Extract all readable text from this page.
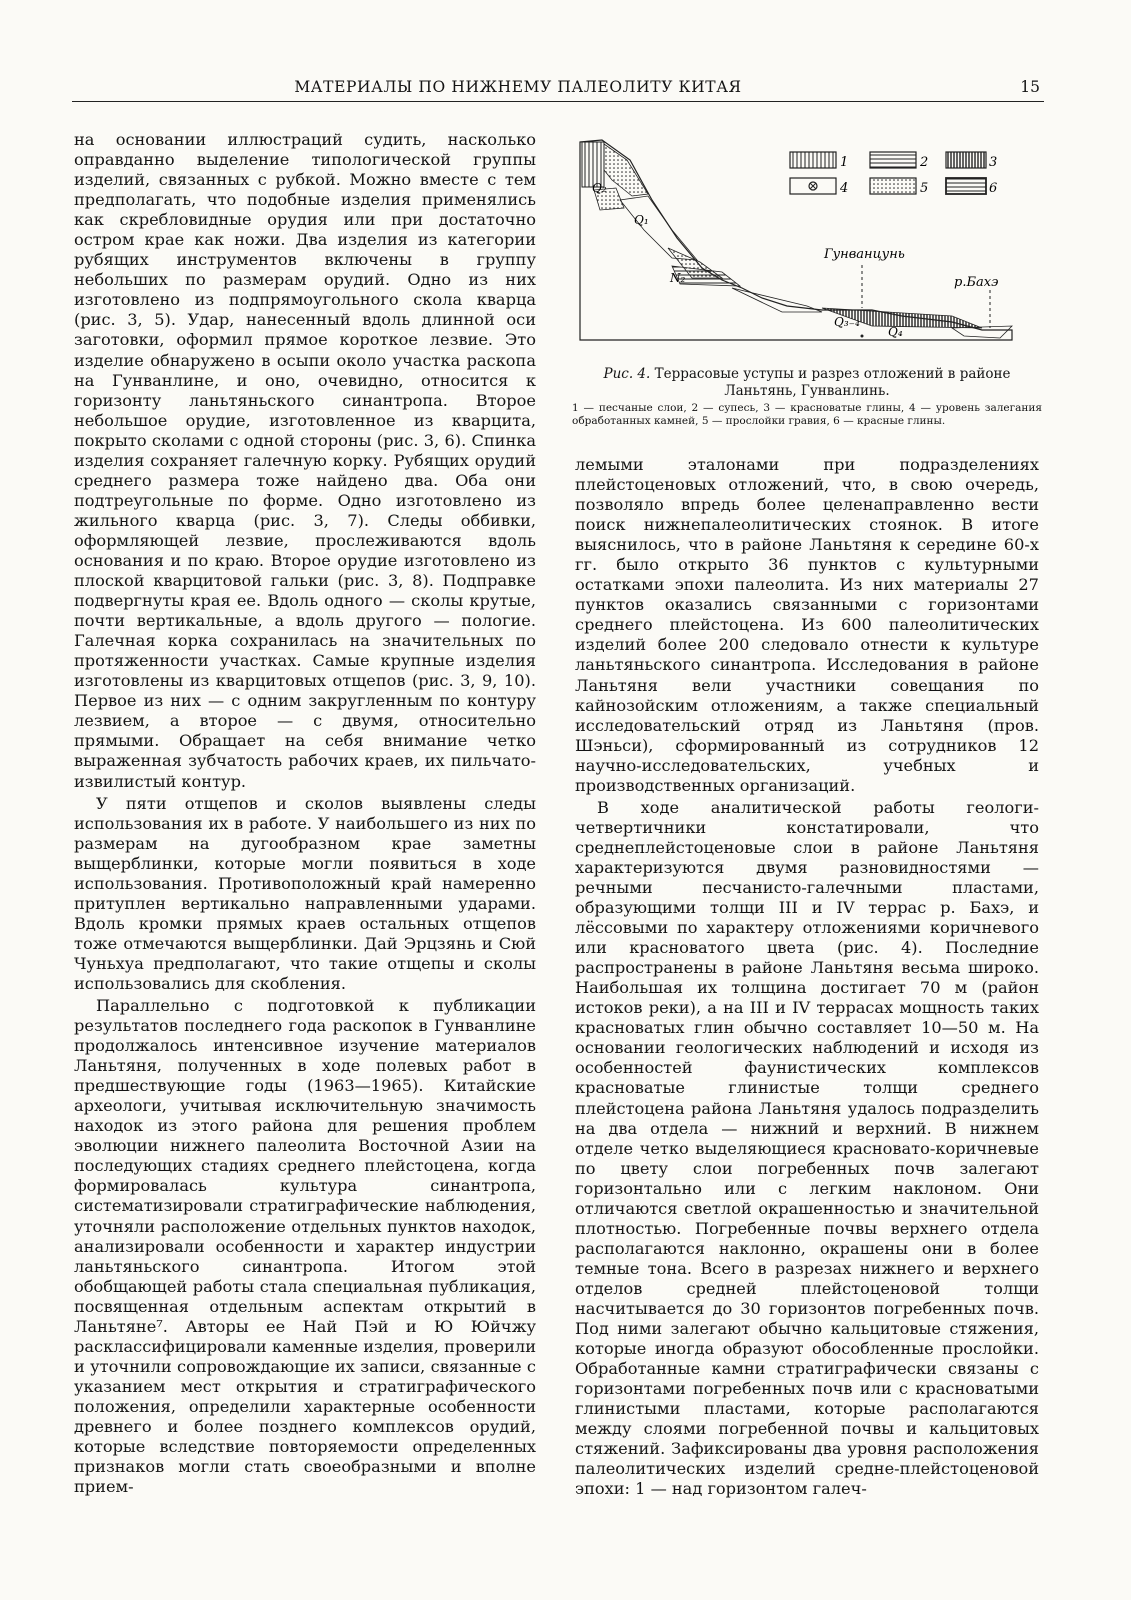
МАТЕРИАЛЫ ПО НИЖНЕМУ ПАЛЕОЛИТУ КИТАЯ	15

на основании иллюстраций судить, насколько оправданно выделение типологической группы изделий, связанных с рубкой. Можно вместе с тем предполагать, что подобные изделия применялись как скребловидные орудия или при достаточно остром крае как ножи. Два изделия из категории рубящих инструментов включены в группу небольших по размерам орудий. Одно из них изготовлено из подпрямоугольного скола кварца (рис. 3, 5). Удар, нанесенный вдоль длинной оси заготовки, оформил прямое короткое лезвие. Это изделие обнаружено в осыпи около участка раскопа на Гунванлине, и оно, очевидно, относится к горизонту ланьтяньского синантропа. Второе небольшое орудие, изготовленное из кварцита, покрыто сколами с одной стороны (рис. 3, 6). Спинка изделия сохраняет галечную корку. Рубящих орудий среднего размера тоже найдено два. Оба они подтреугольные по форме. Одно изготовлено из жильного кварца (рис. 3, 7). Следы оббивки, оформляющей лезвие, прослеживаются вдоль основания и по краю. Второе орудие изготовлено из плоской кварцитовой гальки (рис. 3, 8). Подправке подвергнуты края ее. Вдоль одного — сколы крутые, почти вертикальные, а вдоль другого — пологие. Галечная корка сохранилась на значительных по протяженности участках. Самые крупные изделия изготовлены из кварцитовых отщепов (рис. 3, 9, 10). Первое из них — с одним закругленным по контуру лезвием, а второе — с двумя, относительно прямыми. Обращает на себя внимание четко выраженная зубчатость рабочих краев, их пильчато-извилистый контур.

У пяти отщепов и сколов выявлены следы использования их в работе. У наибольшего из них по размерам на дугообразном крае заметны выщерблинки, которые могли появиться в ходе использования. Противоположный край намеренно притуплен вертикально направленными ударами. Вдоль кромки прямых краев остальных отщепов тоже отмечаются выщерблинки. Дай Эрцзянь и Сюй Чуньхуа предполагают, что такие отщепы и сколы использовались для скобления.

Параллельно с подготовкой к публикации результатов последнего года раскопок в Гунванлине продолжалось интенсивное изучение материалов Ланьтяня, полученных в ходе полевых работ в предшествующие годы (1963—1965). Китайские археологи, учитывая исключительную значимость находок из этого района для решения проблем эволюции нижнего палеолита Восточной Азии на последующих стадиях среднего плейстоцена, когда формировалась культура синантропа, систематизировали стратиграфические наблюдения, уточняли расположение отдельных пунктов находок, анализировали особенности и характер индустрии ланьтяньского синантропа. Итогом этой обобщающей работы стала специальная публикация, посвященная отдельным аспектам открытий в Ланьтяне⁷. Авторы ее Най Пэй и Ю Юйчжу расклассифицировали каменные изделия, проверили и уточнили сопровождающие их записи, связанные с указанием мест открытия и стратиграфического положения, определили характерные особенности древнего и более позднего комплексов орудий, которые вследствие повторяемости определенных признаков могли стать своеобразными и вполне прием-

Q₂
Q₁
N₂
Q₃₋₄
Q₄
Гунванцунь
р.Бахэ
1	2	3
4	5	6
Рис. 4. Террасовые уступы и разрез отложений в районе Ланьтянь, Гунванлинь.
1 — песчаные слои, 2 — супесь, 3 — красноватые глины, 4 — уровень залегания обработанных камней, 5 — прослойки гравия, 6 — красные глины.

лемыми эталонами при подразделениях плейстоценовых отложений, что, в свою очередь, позволяло впредь более целенаправленно вести поиск нижнепалеолитических стоянок. В итоге выяснилось, что в районе Ланьтяня к середине 60-х гг. было открыто 36 пунктов с культурными остатками эпохи палеолита. Из них материалы 27 пунктов оказались связанными с горизонтами среднего плейстоцена. Из 600 палеолитических изделий более 200 следовало отнести к культуре ланьтяньского синантропа. Исследования в районе Ланьтяня вели участники совещания по кайнозойским отложениям, а также специальный исследовательский отряд из Ланьтяня (пров. Шэньси), сформированный из сотрудников 12 научно-исследовательских, учебных и производственных организаций.

В ходе аналитической работы геологи-четвертичники констатировали, что среднеплейстоценовые слои в районе Ланьтяня характеризуются двумя разновидностями — речными песчанисто-галечными пластами, образующими толщи III и IV террас р. Бахэ, и лёссовыми по характеру отложениями коричневого или красноватого цвета (рис. 4). Последние распространены в районе Ланьтяня весьма широко. Наибольшая их толщина достигает 70 м (район истоков реки), а на III и IV террасах мощность таких красноватых глин обычно составляет 10—50 м. На основании геологических наблюдений и исходя из особенностей фаунистических комплексов красноватые глинистые толщи среднего плейстоцена района Ланьтяня удалось подразделить на два отдела — нижний и верхний. В нижнем отделе четко выделяющиеся красновато-коричневые по цвету слои погребенных почв залегают горизонтально или с легким наклоном. Они отличаются светлой окрашенностью и значительной плотностью. Погребенные почвы верхнего отдела располагаются наклонно, окрашены они в более темные тона. Всего в разрезах нижнего и верхнего отделов средней плейстоценовой толщи насчитывается до 30 горизонтов погребенных почв. Под ними залегают обычно кальцитовые стяжения, которые иногда образуют обособленные прослойки. Обработанные камни стратиграфически связаны с горизонтами погребенных почв или с красноватыми глинистыми пластами, которые располагаются между слоями погребенной почвы и кальцитовых стяжений. Зафиксированы два уровня расположения палеолитических изделий средне-плейстоценовой эпохи: 1 — над горизонтом галеч-
